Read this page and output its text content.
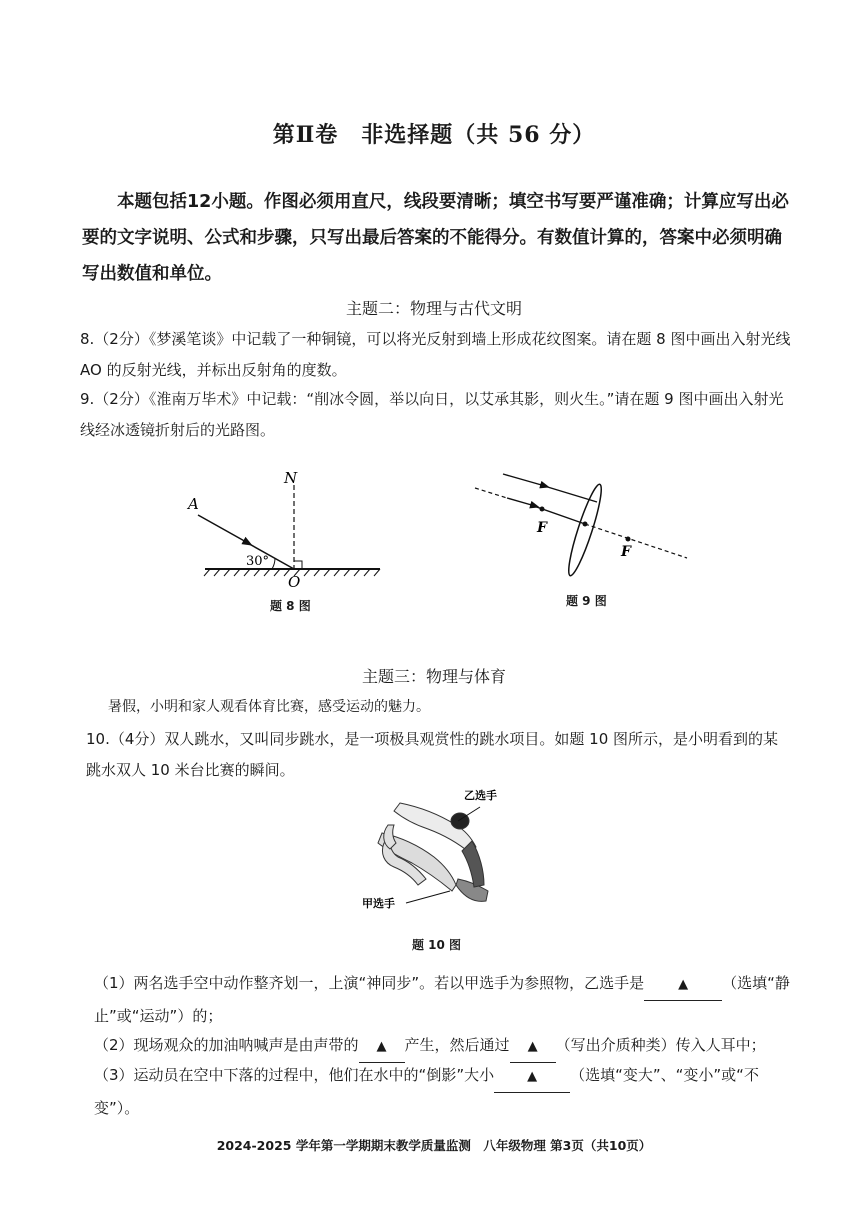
第Ⅱ卷　非选择题（共 56 分）

本题包括12小题。作图必须用直尺，线段要清晰；填空书写要严谨准确；计算应写出必要的文字说明、公式和步骤，只写出最后答案的不能得分。有数值计算的，答案中必须明确写出数值和单位。

主题二：物理与古代文明
8.（2分）《梦溪笔谈》中记载了一种铜镜，可以将光反射到墙上形成花纹图案。请在题 8 图中画出入射光线 AO 的反射光线，并标出反射角的度数。
9.（2分）《淮南万毕术》中记载：“削冰令圆，举以向日，以艾承其影，则火生。”请在题 9 图中画出入射光线经冰透镜折射后的光路图。
A
N
O
30°
题 8 图
F
F
题 9 图
主题三：物理与体育
暑假，小明和家人观看体育比赛，感受运动的魅力。
10.（4分）双人跳水，又叫同步跳水，是一项极具观赏性的跳水项目。如题 10 图所示，是小明看到的某跳水双人 10 米台比赛的瞬间。
乙选手
甲选手
题 10 图
（1）两名选手空中动作整齐划一，上演“神同步”。若以甲选手为参照物，乙选手是	▲ （选填“静止”或“运动”）的；
（2）现场观众的加油呐喊声是由声带的 ▲ 产生，然后通过 ▲ （写出介质种类）传入人耳中；
（3）运动员在空中下落的过程中，他们在水中的“倒影”大小	▲ （选填“变大”、“变小”或“不变”）。
2024-2025 学年第一学期期末教学质量监测　八年级物理 第3页（共10页）
